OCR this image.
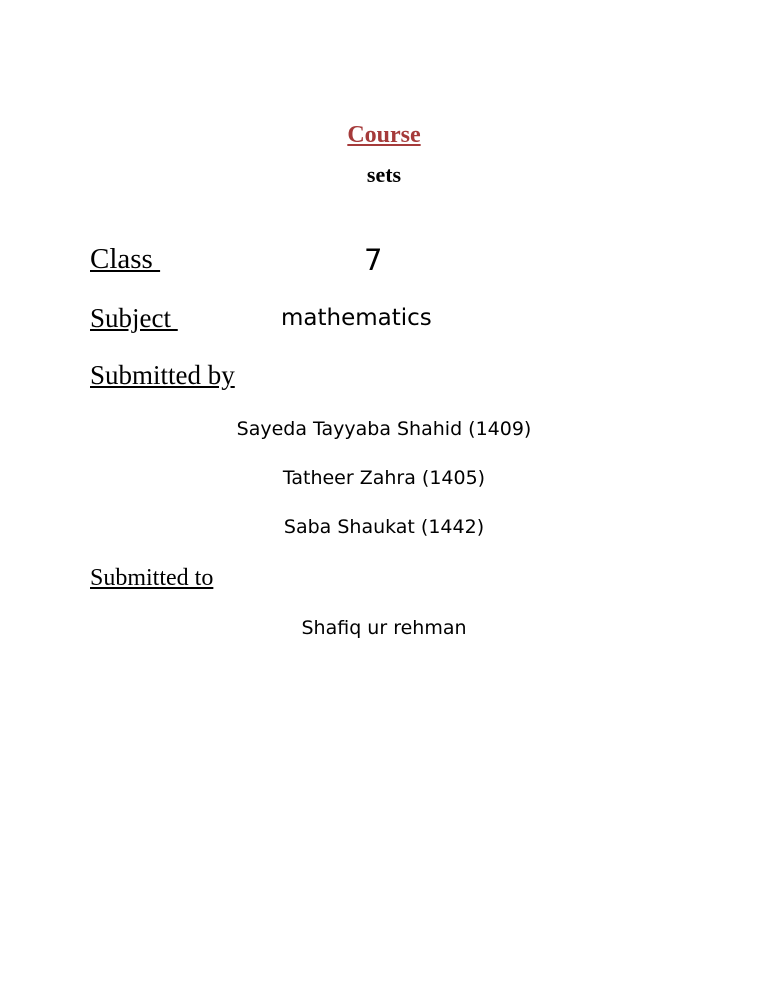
Course
sets
Class	7
Subject	mathematics
Submitted by
Sayeda Tayyaba Shahid (1409)
Tatheer Zahra (1405)
Saba Shaukat (1442)
Submitted to
Shafiq ur rehman
